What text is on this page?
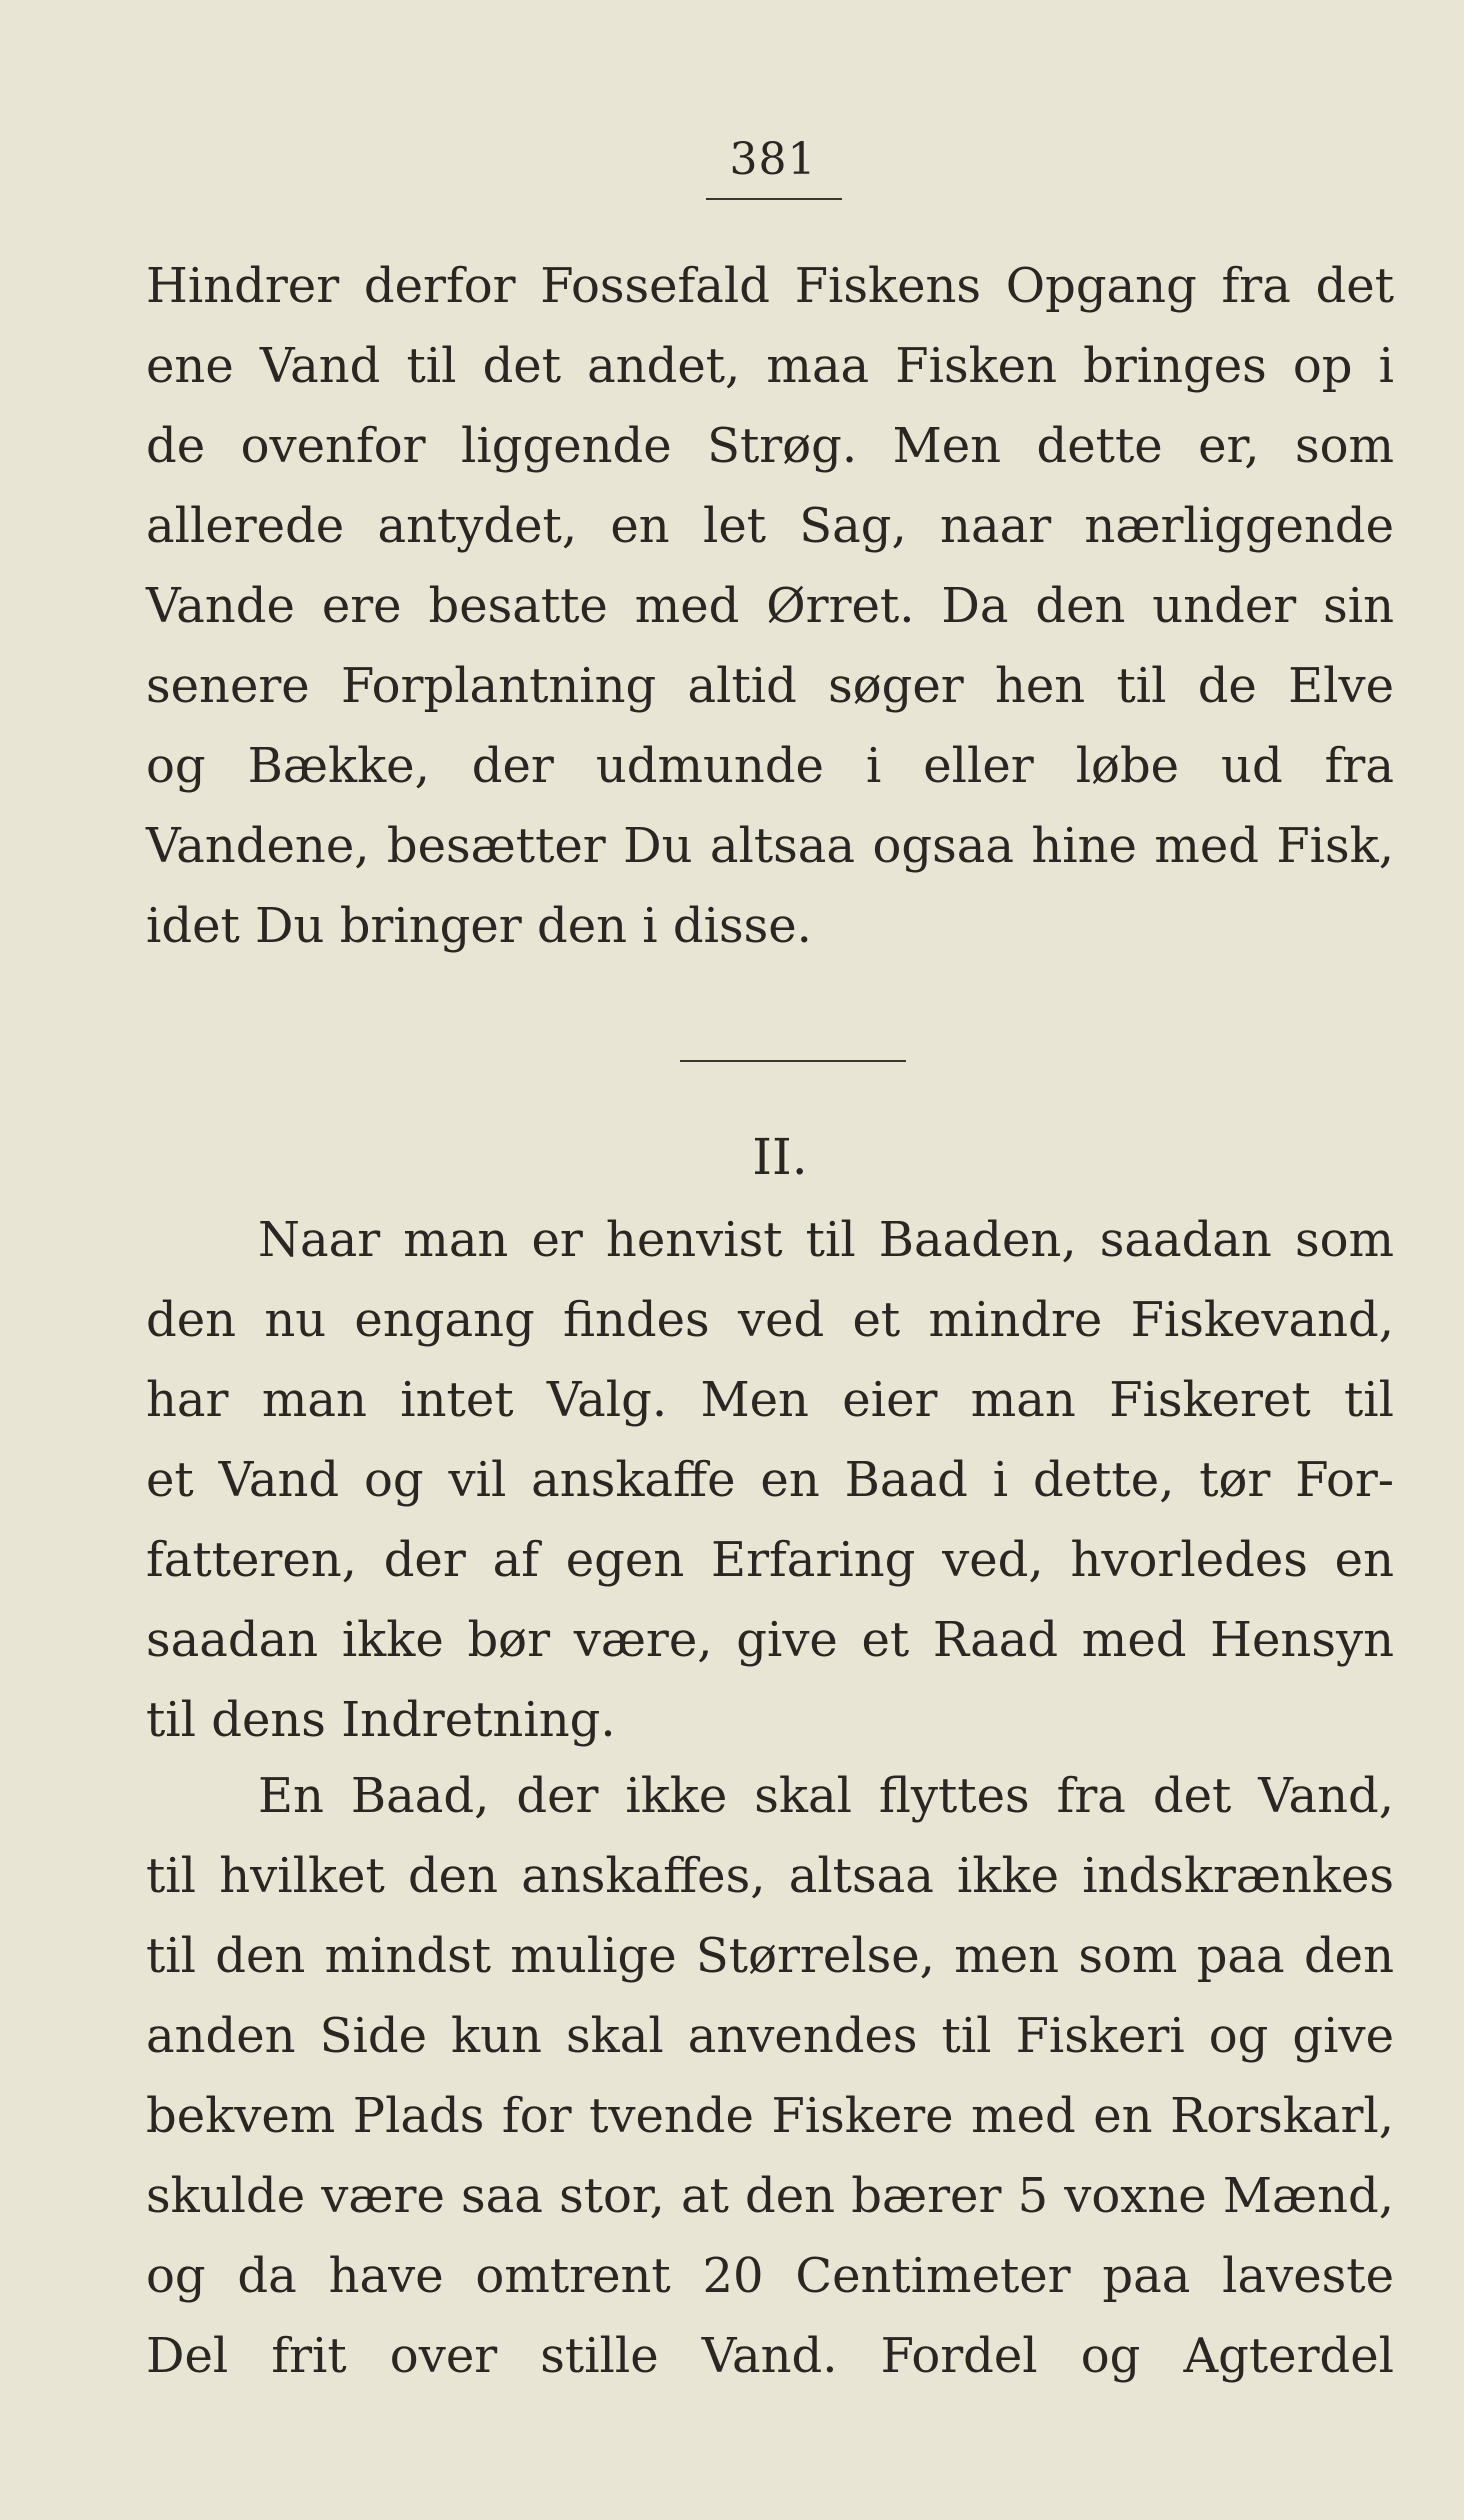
381
Hindrer derfor Fossefald Fiskens Opgang fra det
ene Vand til det andet, maa Fisken bringes op i
de ovenfor liggende Strøg. Men dette er, som
allerede antydet, en let Sag, naar nærliggende
Vande ere besatte med Ørret. Da den under sin
senere Forplantning altid søger hen til de Elve
og Bække, der udmunde i eller løbe ud fra
Vandene, besætter Du altsaa ogsaa hine med Fisk,
idet Du bringer den i disse.
II.
Naar man er henvist til Baaden, saadan som
den nu engang findes ved et mindre Fiskevand,
har man intet Valg. Men eier man Fiskeret til
et Vand og vil anskaffe en Baad i dette, tør For-
fatteren, der af egen Erfaring ved, hvorledes en
saadan ikke bør være, give et Raad med Hensyn
til dens Indretning.
En Baad, der ikke skal flyttes fra det Vand,
til hvilket den anskaffes, altsaa ikke indskrænkes
til den mindst mulige Størrelse, men som paa den
anden Side kun skal anvendes til Fiskeri og give
bekvem Plads for tvende Fiskere med en Rorskarl,
skulde være saa stor, at den bærer 5 voxne Mænd,
og da have omtrent 20 Centimeter paa laveste
Del frit over stille Vand. Fordel og Agterdel
